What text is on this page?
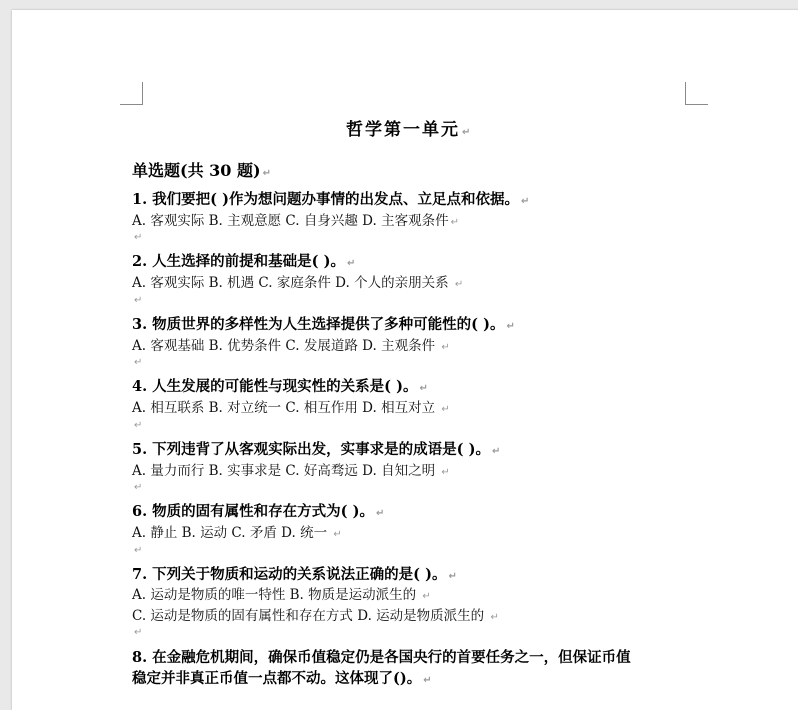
哲学第一单元 ↵
单选题(共 30 题) ↵
1. 我们要把( )作为想问题办事情的出发点、立足点和依据。 ↵
A. 客观实际 B. 主观意愿 C. 自身兴趣 D. 主客观条件 ↵
↵
2. 人生选择的前提和基础是( )。 ↵
A. 客观实际 B. 机遇 C. 家庭条件 D. 个人的亲朋关系 ↵
↵
3. 物质世界的多样性为人生选择提供了多种可能性的( )。 ↵
A. 客观基础 B. 优势条件 C. 发展道路 D. 主观条件 ↵
↵
4. 人生发展的可能性与现实性的关系是( )。 ↵
A. 相互联系 B. 对立统一 C. 相互作用 D. 相互对立 ↵
↵
5. 下列违背了从客观实际出发，实事求是的成语是( )。 ↵
A. 量力而行 B. 实事求是 C. 好高骛远 D. 自知之明 ↵
↵
6. 物质的固有属性和存在方式为( )。 ↵
A. 静止 B. 运动 C. 矛盾 D. 统一 ↵
↵
7. 下列关于物质和运动的关系说法正确的是( )。 ↵
A. 运动是物质的唯一特性 B. 物质是运动派生的 ↵
C. 运动是物质的固有属性和存在方式 D. 运动是物质派生的 ↵
↵
8. 在金融危机期间，确保币值稳定仍是各国央行的首要任务之一，但保证币值
稳定并非真正币值一点都不动。这体现了()。 ↵
